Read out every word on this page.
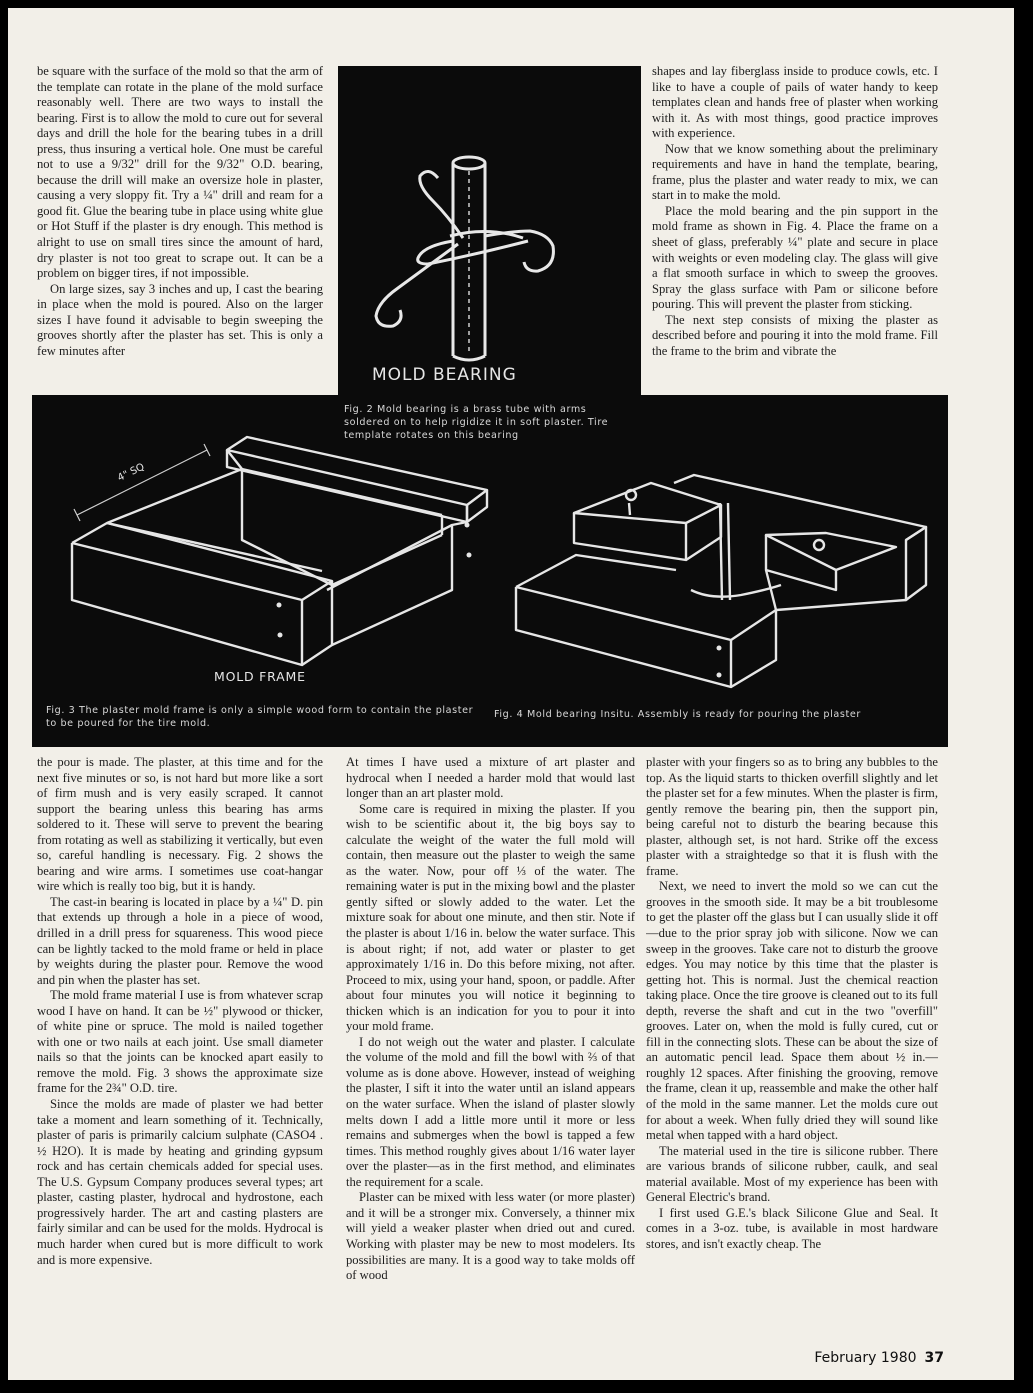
be square with the surface of the mold so that the arm of the template can rotate in the plane of the mold surface reasonably well. There are two ways to install the bearing. First is to allow the mold to cure out for several days and drill the hole for the bearing tubes in a drill press, thus insuring a vertical hole. One must be careful not to use a 9/32" drill for the 9/32" O.D. bearing, because the drill will make an oversize hole in plaster, causing a very sloppy fit. Try a ¼" drill and ream for a good fit. Glue the bearing tube in place using white glue or Hot Stuff if the plaster is dry enough. This method is alright to use on small tires since the amount of hard, dry plaster is not too great to scrape out. It can be a problem on bigger tires, if not impossible.

On large sizes, say 3 inches and up, I cast the bearing in place when the mold is poured. Also on the larger sizes I have found it advisable to begin sweeping the grooves shortly after the plaster has set. This is only a few minutes after

shapes and lay fiberglass inside to produce cowls, etc. I like to have a couple of pails of water handy to keep templates clean and hands free of plaster when working with it. As with most things, good practice improves with experience.

Now that we know something about the preliminary requirements and have in hand the template, bearing, frame, plus the plaster and water ready to mix, we can start in to make the mold.

Place the mold bearing and the pin support in the mold frame as shown in Fig. 4. Place the frame on a sheet of glass, preferably ¼" plate and secure in place with weights or even modeling clay. The glass will give a flat smooth surface in which to sweep the grooves. Spray the glass surface with Pam or silicone before pouring. This will prevent the plaster from sticking.

The next step consists of mixing the plaster as described before and pouring it into the mold frame. Fill the frame to the brim and vibrate the

MOLD BEARING
Fig. 2 Mold bearing is a brass tube with arms soldered on to help rigidize it in soft plaster. Tire template rotates on this bearing
4" SQ
MOLD FRAME
Fig. 3 The plaster mold frame is only a simple wood form to contain the plaster to be poured for the tire mold.
Fig. 4 Mold bearing Insitu. Assembly is ready for pouring the plaster

the pour is made. The plaster, at this time and for the next five minutes or so, is not hard but more like a sort of firm mush and is very easily scraped. It cannot support the bearing unless this bearing has arms soldered to it. These will serve to prevent the bearing from rotating as well as stabilizing it vertically, but even so, careful handling is necessary. Fig. 2 shows the bearing and wire arms. I sometimes use coat-hangar wire which is really too big, but it is handy.

The cast-in bearing is located in place by a ¼" D. pin that extends up through a hole in a piece of wood, drilled in a drill press for squareness. This wood piece can be lightly tacked to the mold frame or held in place by weights during the plaster pour. Remove the wood and pin when the plaster has set.

The mold frame material I use is from whatever scrap wood I have on hand. It can be ½" plywood or thicker, of white pine or spruce. The mold is nailed together with one or two nails at each joint. Use small diameter nails so that the joints can be knocked apart easily to remove the mold. Fig. 3 shows the approximate size frame for the 2¾" O.D. tire.

Since the molds are made of plaster we had better take a moment and learn something of it. Technically, plaster of paris is primarily calcium sulphate (CASO4 . ½ H2O). It is made by heating and grinding gypsum rock and has certain chemicals added for special uses. The U.S. Gypsum Company produces several types; art plaster, casting plaster, hydrocal and hydrostone, each progressively harder. The art and casting plasters are fairly similar and can be used for the molds. Hydrocal is much harder when cured but is more difficult to work and is more expensive.

At times I have used a mixture of art plaster and hydrocal when I needed a harder mold that would last longer than an art plaster mold.

Some care is required in mixing the plaster. If you wish to be scientific about it, the big boys say to calculate the weight of the water the full mold will contain, then measure out the plaster to weigh the same as the water. Now, pour off ⅓ of the water. The remaining water is put in the mixing bowl and the plaster gently sifted or slowly added to the water. Let the mixture soak for about one minute, and then stir. Note if the plaster is about 1/16 in. below the water surface. This is about right; if not, add water or plaster to get approximately 1/16 in. Do this before mixing, not after. Proceed to mix, using your hand, spoon, or paddle. After about four minutes you will notice it beginning to thicken which is an indication for you to pour it into your mold frame.

I do not weigh out the water and plaster. I calculate the volume of the mold and fill the bowl with ⅔ of that volume as is done above. However, instead of weighing the plaster, I sift it into the water until an island appears on the water surface. When the island of plaster slowly melts down I add a little more until it more or less remains and submerges when the bowl is tapped a few times. This method roughly gives about 1/16 water layer over the plaster—as in the first method, and eliminates the requirement for a scale.

Plaster can be mixed with less water (or more plaster) and it will be a stronger mix. Conversely, a thinner mix will yield a weaker plaster when dried out and cured. Working with plaster may be new to most modelers. Its possibilities are many. It is a good way to take molds off of wood

plaster with your fingers so as to bring any bubbles to the top. As the liquid starts to thicken overfill slightly and let the plaster set for a few minutes. When the plaster is firm, gently remove the bearing pin, then the support pin, being careful not to disturb the bearing because this plaster, although set, is not hard. Strike off the excess plaster with a straightedge so that it is flush with the frame.

Next, we need to invert the mold so we can cut the grooves in the smooth side. It may be a bit troublesome to get the plaster off the glass but I can usually slide it off—due to the prior spray job with silicone. Now we can sweep in the grooves. Take care not to disturb the groove edges. You may notice by this time that the plaster is getting hot. This is normal. Just the chemical reaction taking place. Once the tire groove is cleaned out to its full depth, reverse the shaft and cut in the two "overfill" grooves. Later on, when the mold is fully cured, cut or fill in the connecting slots. These can be about the size of an automatic pencil lead. Space them about ½ in.—roughly 12 spaces. After finishing the grooving, remove the frame, clean it up, reassemble and make the other half of the mold in the same manner. Let the molds cure out for about a week. When fully dried they will sound like metal when tapped with a hard object.

The material used in the tire is silicone rubber. There are various brands of silicone rubber, caulk, and seal material available. Most of my experience has been with General Electric's brand.

I first used G.E.'s black Silicone Glue and Seal. It comes in a 3-oz. tube, is available in most hardware stores, and isn't exactly cheap. The

February 1980 37
